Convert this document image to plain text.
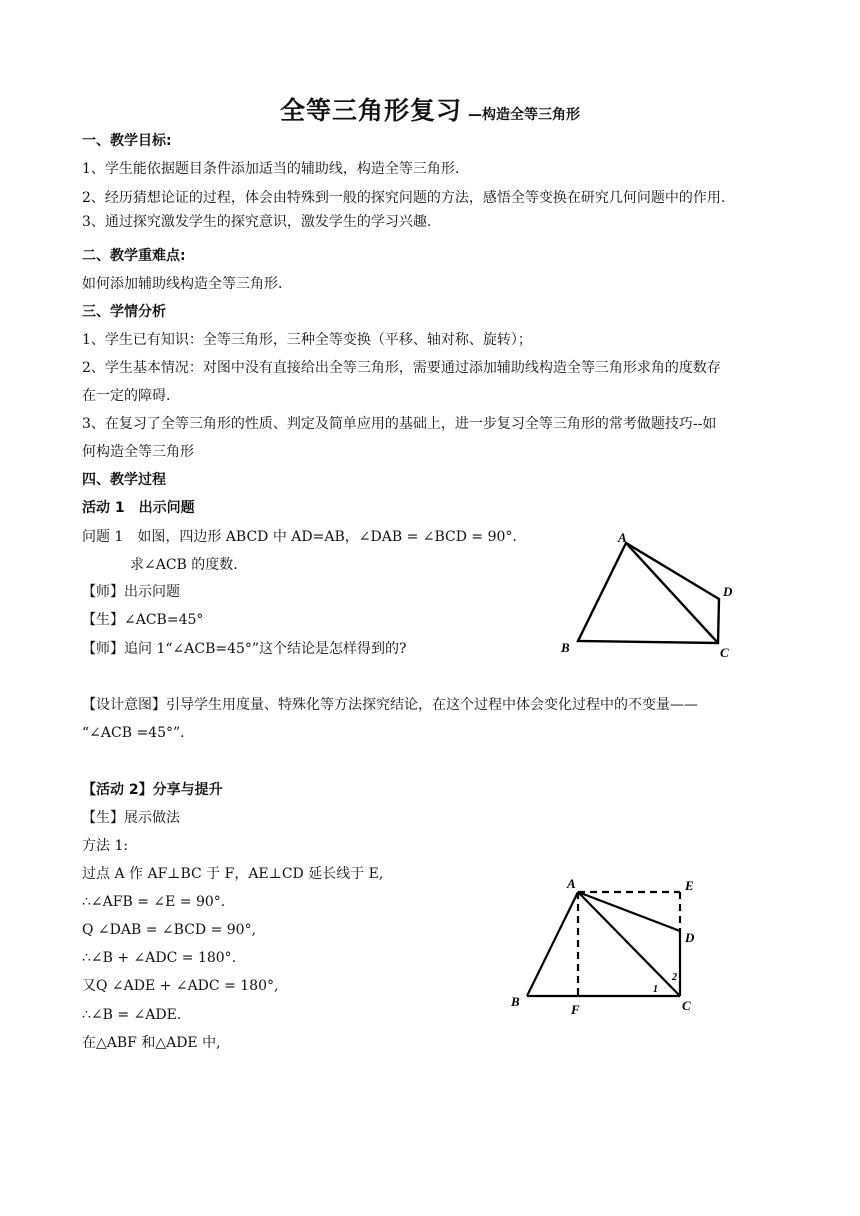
全等三角形复习 —构造全等三角形
一、教学目标:
1、学生能依据题目条件添加适当的辅助线，构造全等三角形.
2、经历猜想论证的过程，体会由特殊到一般的探究问题的方法，感悟全等变换在研究几何问题中的作用.
3、通过探究激发学生的探究意识，激发学生的学习兴趣.
二、教学重难点:
如何添加辅助线构造全等三角形.
三、学情分析
1、学生已有知识：全等三角形，三种全等变换（平移、轴对称、旋转）；
2、学生基本情况：对图中没有直接给出全等三角形，需要通过添加辅助线构造全等三角形求角的度数存
在一定的障碍.
3、在复习了全等三角形的性质、判定及简单应用的基础上，进一步复习全等三角形的常考做题技巧--如
何构造全等三角形
四、教学过程
活动 1　出示问题
问题 1　如图，四边形 ABCD 中 AD=AB，∠DAB = ∠BCD = 90°.
求∠ACB 的度数.
【师】出示问题
【生】∠ACB=45°
【师】追问 1“∠ACB=45°”这个结论是怎样得到的?
【设计意图】引导学生用度量、特殊化等方法探究结论，在这个过程中体会变化过程中的不变量——
“∠ACB =45°”.
【活动 2】分享与提升
【生】展示做法
方法 1:
过点 A 作 AF⊥BC 于 F，AE⊥CD 延长线于 E,
∴∠AFB = ∠E = 90°.
Q ∠DAB = ∠BCD = 90°,
∴∠B + ∠ADC = 180°.
又Q ∠ADE + ∠ADC = 180°,
∴∠B = ∠ADE.
在△ABF 和△ADE 中,
A
B	C
D
A	E
D
B
F	C
1
2
